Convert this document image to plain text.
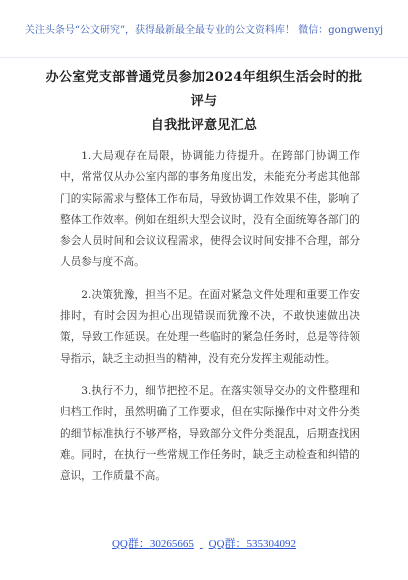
关注头条号“公文研究”，获得最新最全最专业的公文资料库！ 微信：gongwenyj
办公室党支部普通党员参加2024年组织生活会时的批评与
自我批评意见汇总

1.大局观存在局限，协调能力待提升。在跨部门协调工作中，常常仅从办公室内部的事务角度出发，未能充分考虑其他部门的实际需求与整体工作布局，导致协调工作效果不佳，影响了整体工作效率。例如在组织大型会议时，没有全面统筹各部门的参会人员时间和会议议程需求，使得会议时间安排不合理，部分人员参与度不高。

2.决策犹豫，担当不足。在面对紧急文件处理和重要工作安排时，有时会因为担心出现错误而犹豫不决，不敢快速做出决策，导致工作延误。在处理一些临时的紧急任务时，总是等待领导指示，缺乏主动担当的精神，没有充分发挥主观能动性。

3.执行不力，细节把控不足。在落实领导交办的文件整理和归档工作时，虽然明确了工作要求，但在实际操作中对文件分类的细节标准执行不够严格，导致部分文件分类混乱，后期查找困难。同时，在执行一些常规工作任务时，缺乏主动检查和纠错的意识，工作质量不高。

QQ群：30265665 QQ群：535304092
